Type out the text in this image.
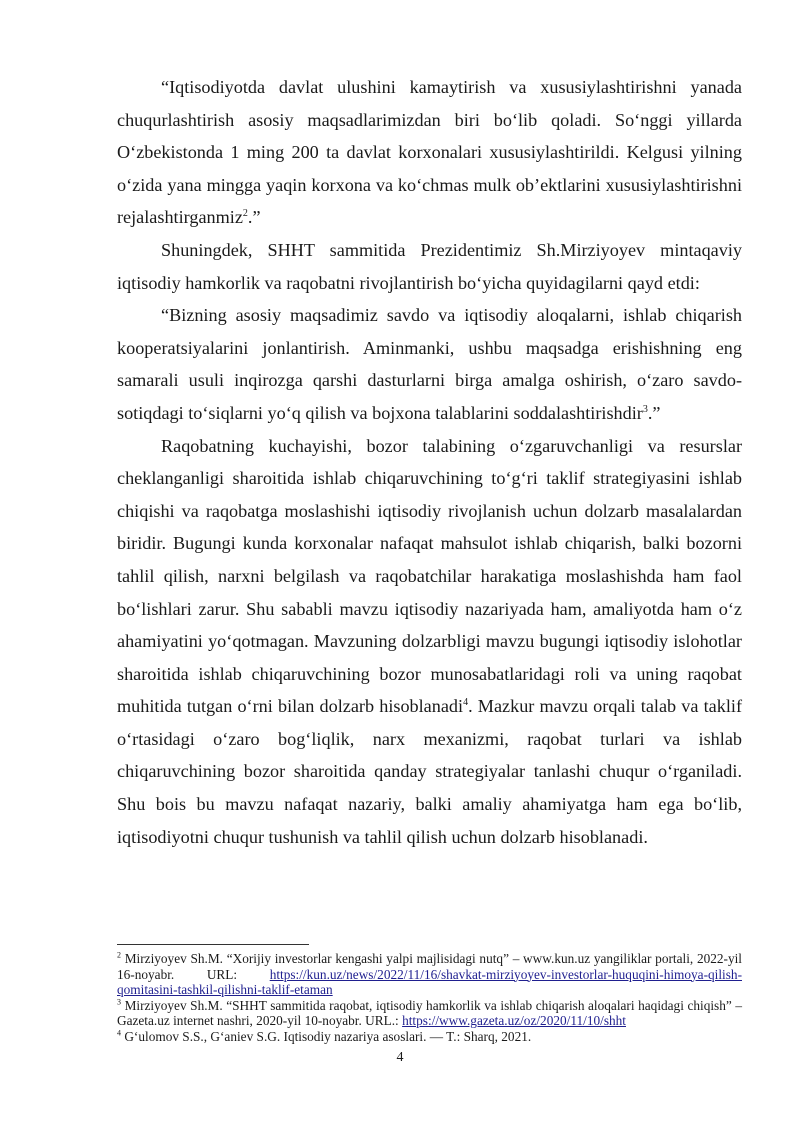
“Iqtisodiyotda davlat ulushini kamaytirish va xususiylashtirishni yanada chuqurlashtirish asosiy maqsadlarimizdan biri boʻlib qoladi. Soʻnggi yillarda Oʻzbekistonda 1 ming 200 ta davlat korxonalari xususiylashtirildi. Kelgusi yilning oʻzida yana mingga yaqin korxona va koʻchmas mulk obʼektlarini xususiylashtirishni rejalashtirganmiz$^2$.”

Shuningdek, SHHT sammitida Prezidentimiz Sh.Mirziyoyev mintaqaviy iqtisodiy hamkorlik va raqobatni rivojlantirish boʻyicha quyidagilarni qayd etdi:

“Bizning asosiy maqsadimiz savdo va iqtisodiy aloqalarni, ishlab chiqarish kooperatsiyalarini jonlantirish. Aminmanki, ushbu maqsadga erishishning eng samarali usuli inqirozga qarshi dasturlarni birga amalga oshirish, oʻzaro savdo-sotiqdagi toʻsiqlarni yoʻq qilish va bojxona talablarini soddalashtirishdir$^3$.”

Raqobatning kuchayishi, bozor talabining oʻzgaruvchanligi va resurslar cheklanganligi sharoitida ishlab chiqaruvchining toʻgʻri taklif strategiyasini ishlab chiqishi va raqobatga moslashishi iqtisodiy rivojlanish uchun dolzarb masalalardan biridir. Bugungi kunda korxonalar nafaqat mahsulot ishlab chiqarish, balki bozorni tahlil qilish, narxni belgilash va raqobatchilar harakatiga moslashishda ham faol boʻlishlari zarur. Shu sababli mavzu iqtisodiy nazariyada ham, amaliyotda ham oʻz ahamiyatini yoʻqotmagan. Mavzuning dolzarbligi mavzu bugungi iqtisodiy islohotlar sharoitida ishlab chiqaruvchining bozor munosabatlaridagi roli va uning raqobat muhitida tutgan oʻrni bilan dolzarb hisoblanadi$^4$. Mazkur mavzu orqali talab va taklif oʻrtasidagi oʻzaro bogʻliqlik, narx mexanizmi, raqobat turlari va ishlab chiqaruvchining bozor sharoitida qanday strategiyalar tanlashi chuqur oʻrganiladi. Shu bois bu mavzu nafaqat nazariy, balki amaliy ahamiyatga ham ega boʻlib, iqtisodiyotni chuqur tushunish va tahlil qilish uchun dolzarb hisoblanadi.

$^2$ Mirziyoyev Sh.M. “Xorijiy investorlar kengashi yalpi majlisidagi nutq” – www.kun.uz yangiliklar portali, 2022-yil 16-noyabr. URL: https://kun.uz/news/2022/11/16/shavkat-mirziyoyev-investorlar-huquqini-himoya-qilish-qomitasini-tashkil-qilishni-taklif-etaman

$^3$ Mirziyoyev Sh.M. “SHHT sammitida raqobat, iqtisodiy hamkorlik va ishlab chiqarish aloqalari haqidagi chiqish” – Gazeta.uz internet nashri, 2020-yil 10-noyabr. URL.: https://www.gazeta.uz/oz/2020/11/10/shht

$^4$ Gʻulomov S.S., Gʻaniev S.G. Iqtisodiy nazariya asoslari. — T.: Sharq, 2021.

4
